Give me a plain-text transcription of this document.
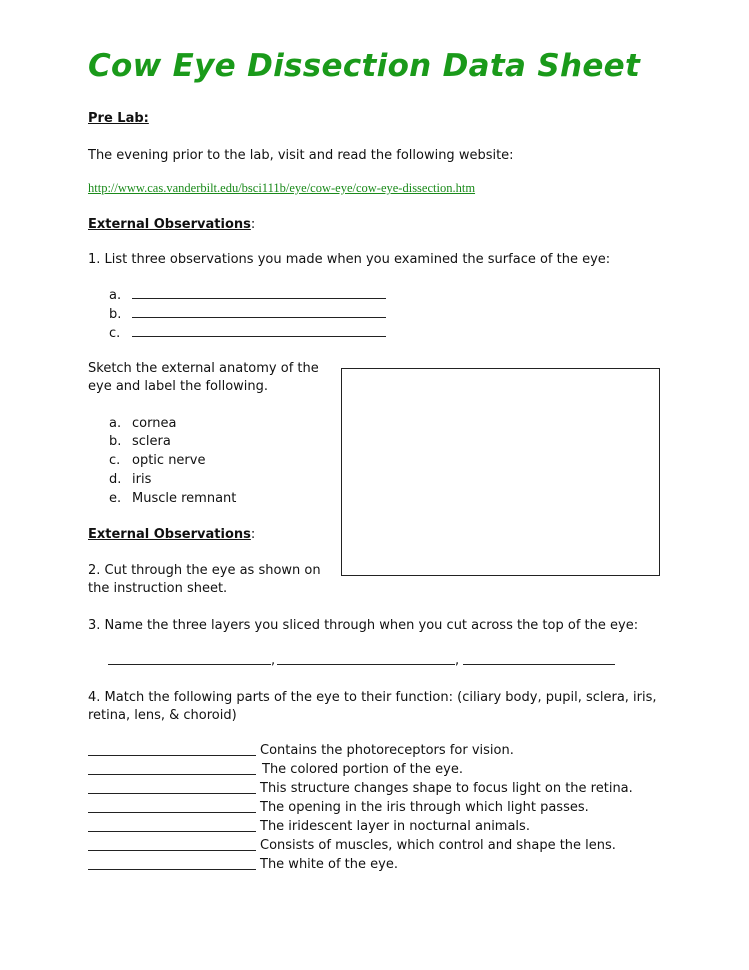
Cow Eye Dissection Data Sheet
Pre Lab:
The evening prior to the lab, visit and read the following website:
http://www.cas.vanderbilt.edu/bsci111b/eye/cow-eye/cow-eye-dissection.htm
External Observations:
1. List three observations you made when you examined the surface of the eye:
a.
b.
c.
Sketch the external anatomy of the
eye and label the following.
a. cornea
b. sclera
c. optic nerve
d. iris
e. Muscle remnant
External Observations:
2. Cut through the eye as shown on
the instruction sheet.
3. Name the three layers you sliced through when you cut across the top of the eye:
,	,
4. Match the following parts of the eye to their function: (ciliary body, pupil, sclera, iris,
retina, lens, & choroid)
Contains the photoreceptors for vision.
The colored portion of the eye.
This structure changes shape to focus light on the retina.
The opening in the iris through which light passes.
The iridescent layer in nocturnal animals.
Consists of muscles, which control and shape the lens.
The white of the eye.
